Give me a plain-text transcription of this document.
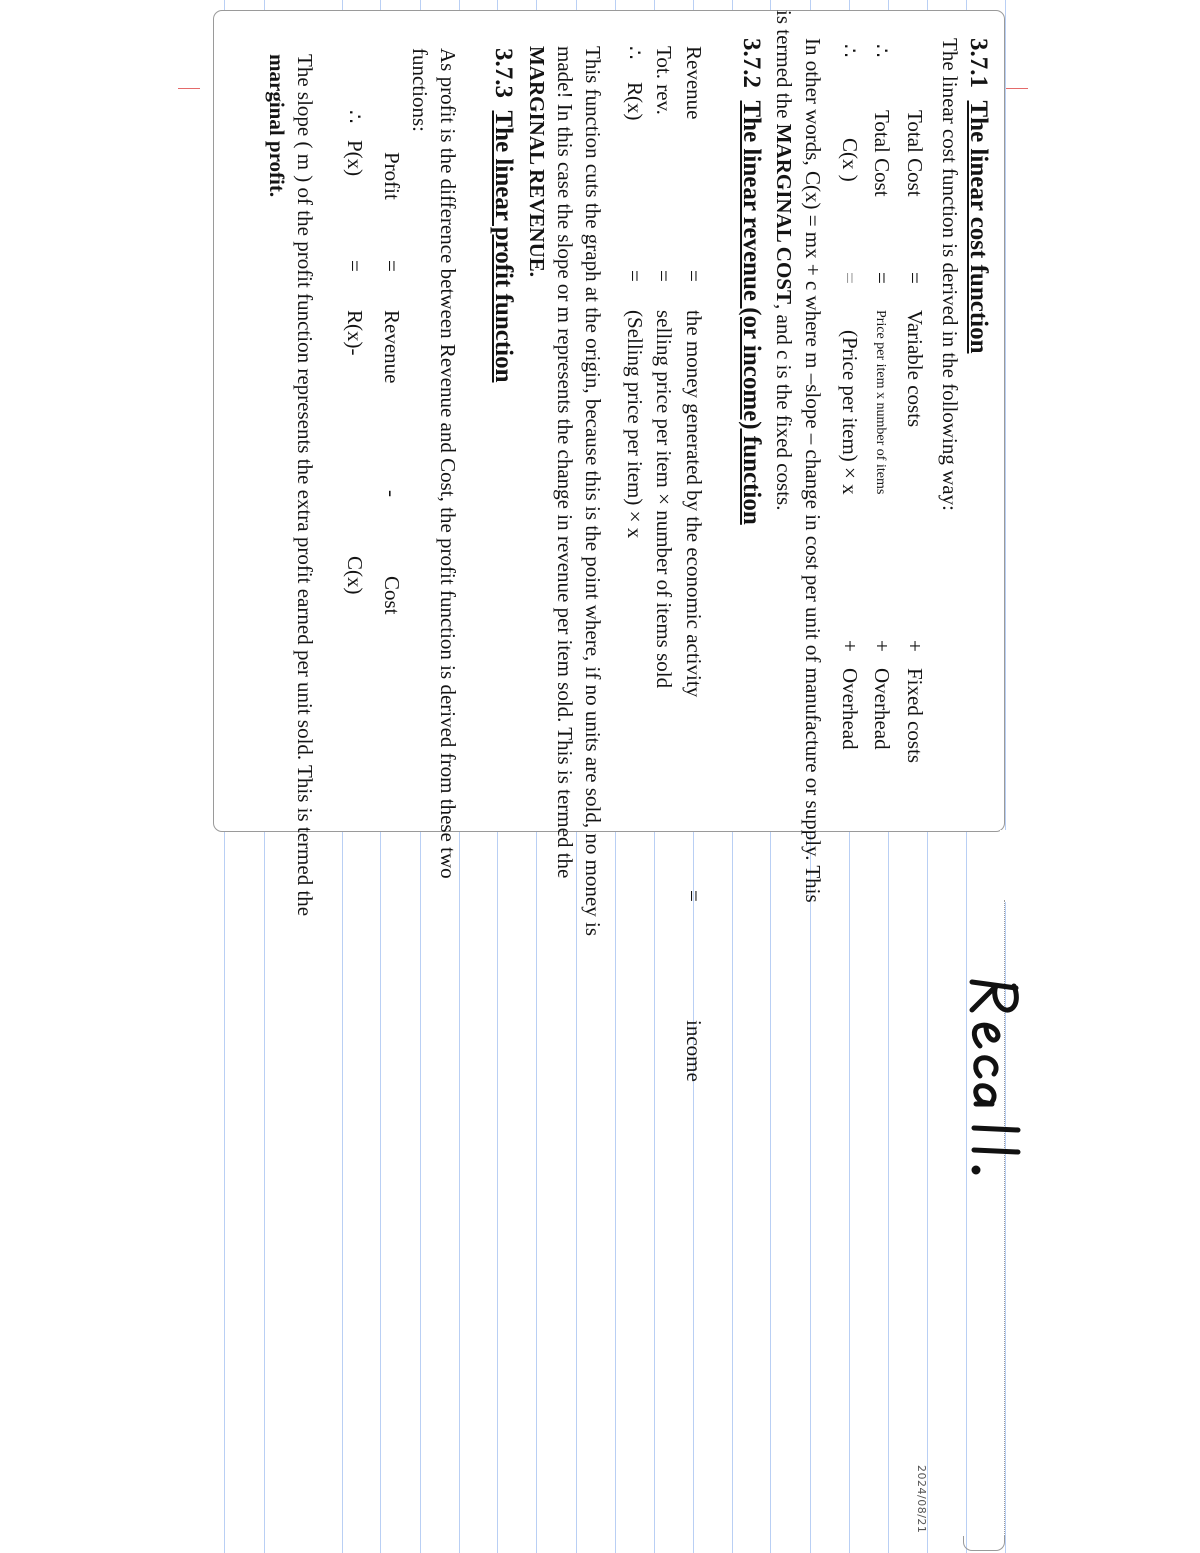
2024/08/21
3.7.1  The linear cost function
The linear cost function is derived in the following way:
Total Cost
=
Variable costs
+
Fixed costs
∴
Total Cost
=
Price per item x number of items
+
Overhead
∴
C(x )
=
(Price per item) × x
+
Overhead
In other words, C(x) = mx + c where m –slope – change in cost per unit of manufacture or supply. This
is termed the MARGINAL COST, and c is the fixed costs.
3.7.2  The linear revenue (or income) function
Revenue
=
the money generated by the economic activity
=
income
Tot. rev.
=
selling price per item × number of items sold
∴
R(x)
=
(Selling price per item) × x
This function cuts the graph at the origin, because this is the point where, if no units are sold, no money is
made! In this case the slope or m represents the change in revenue per item sold. This is termed the
MARGINAL REVENUE.
3.7.3  The linear profit function
As profit is the difference between Revenue and Cost, the profit function is derived from these two
functions:
Profit
=
Revenue
-
Cost
∴
P(x)
=
R(x)-
C(x)
The slope ( m ) of the profit function represents the extra profit earned per unit sold. This is termed the
marginal profit.
